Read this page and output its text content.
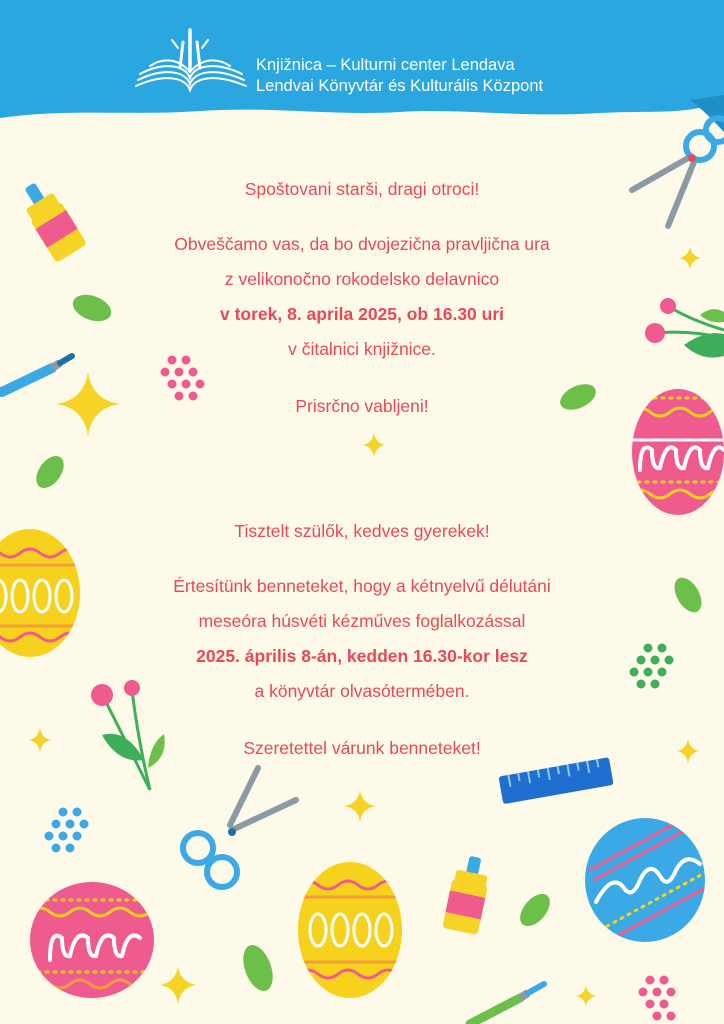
Knjižnica – Kulturni center Lendava
Lendvai Könyvtár és Kulturális Központ

Spoštovani starši, dragi otroci!

Obveščamo vas, da bo dvojezična pravljična ura

z velikonočno rokodelsko delavnico

v torek, 8. aprila 2025, ob 16.30 uri

v čitalnici knjižnice.

Prisrčno vabljeni!

Tisztelt szülők, kedves gyerekek!

Értesítünk benneteket, hogy a kétnyelvű délutáni

meseóra húsvéti kézműves foglalkozással

2025. április 8-án, kedden 16.30-kor lesz

a könyvtár olvasótermében.

Szeretettel várunk benneteket!
